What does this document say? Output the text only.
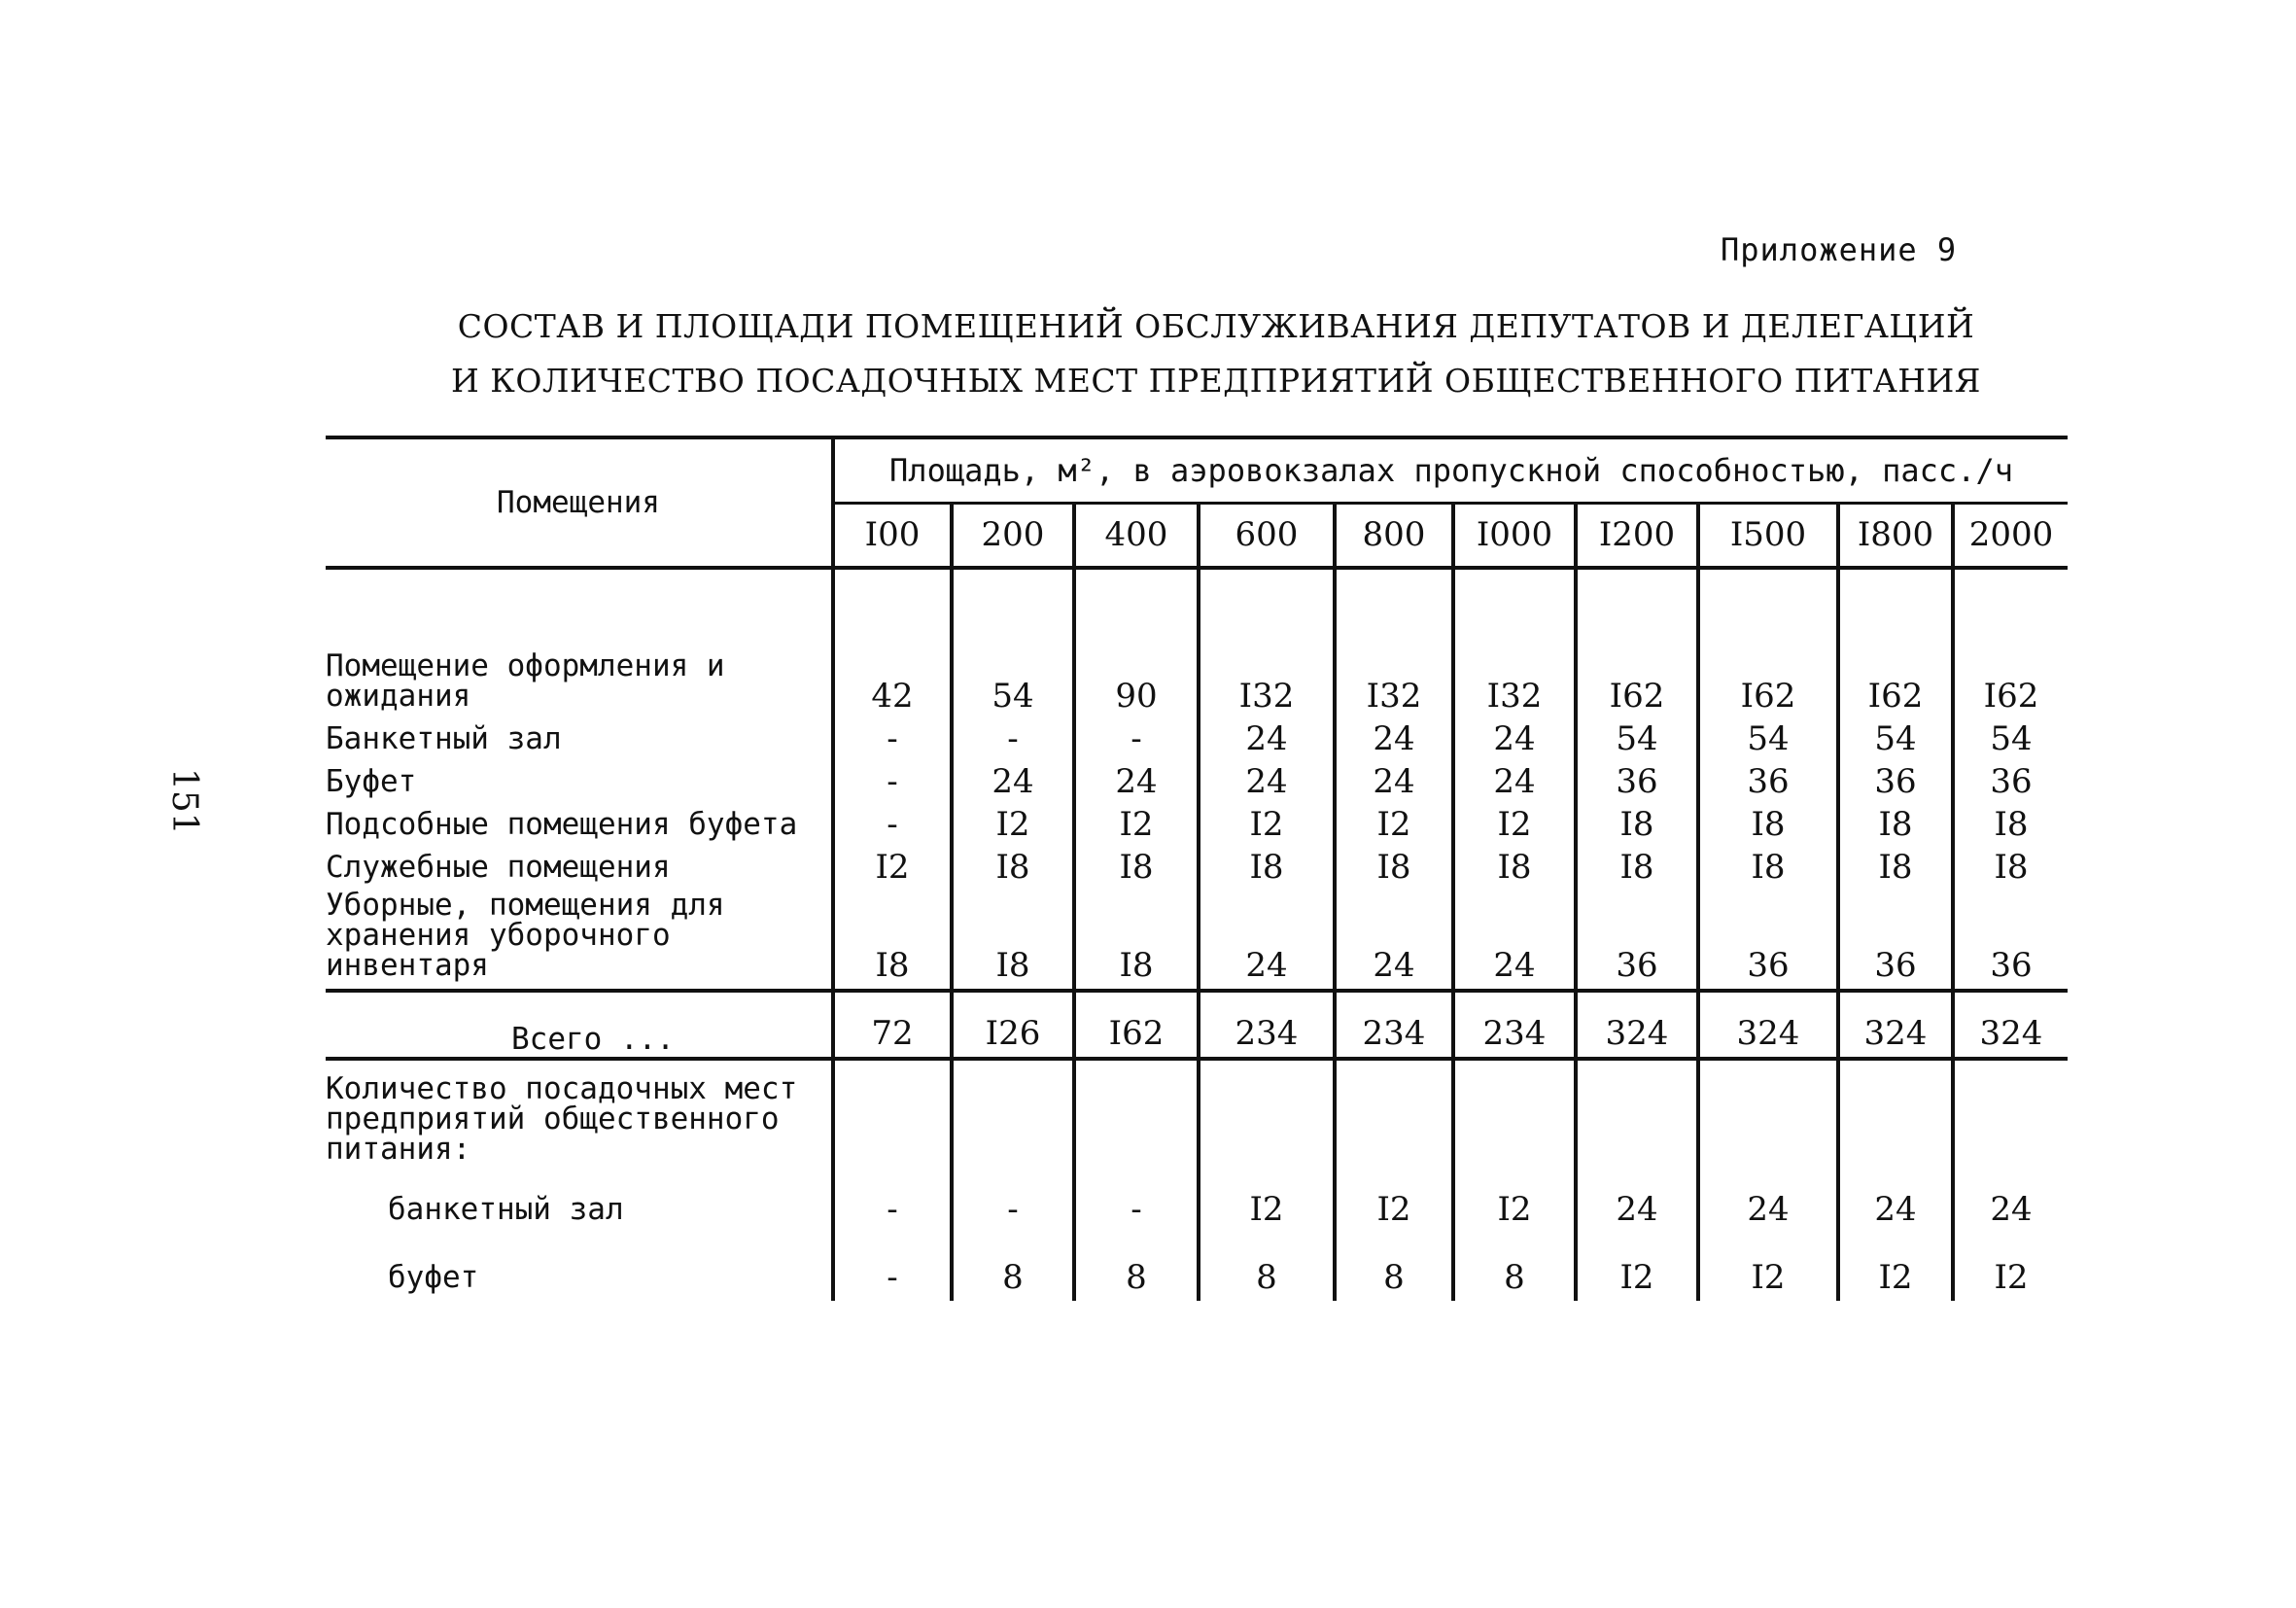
Приложение 9
СОСТАВ И ПЛОЩАДИ ПОМЕЩЕНИЙ ОБСЛУЖИВАНИЯ ДЕПУТАТОВ И ДЕЛЕГАЦИЙ
И КОЛИЧЕСТВО ПОСАДОЧНЫХ МЕСТ ПРЕДПРИЯТИЙ ОБЩЕСТВЕННОГО ПИТАНИЯ
151
Помещения	Площадь, м², в аэровокзалах пропускной способностью, пасс./ч									
	I00	200	400	600	800	I000	I200	I500	I800	2000

Помещение оформления и ожидания	42	54	90	I32	I32	I32	I62	I62	I62	I62
Банкетный зал	-	-	-	24	24	24	54	54	54	54
Буфет	-	24	24	24	24	24	36	36	36	36
Подсобные помещения буфета	-	I2	I2	I2	I2	I2	I8	I8	I8	I8
Служебные помещения	I2	I8	I8	I8	I8	I8	I8	I8	I8	I8
Уборные, помещения для хранения уборочного инвентаря	I8	I8	I8	24	24	24	36	36	36	36
Всего ...	72	I26	I62	234	234	234	324	324	324	324
Количество посадочных мест предприятий общественного питания:										
банкетный зал	-	-	-	I2	I2	I2	24	24	24	24
буфет	-	8	8	8	8	8	I2	I2	I2	I2
